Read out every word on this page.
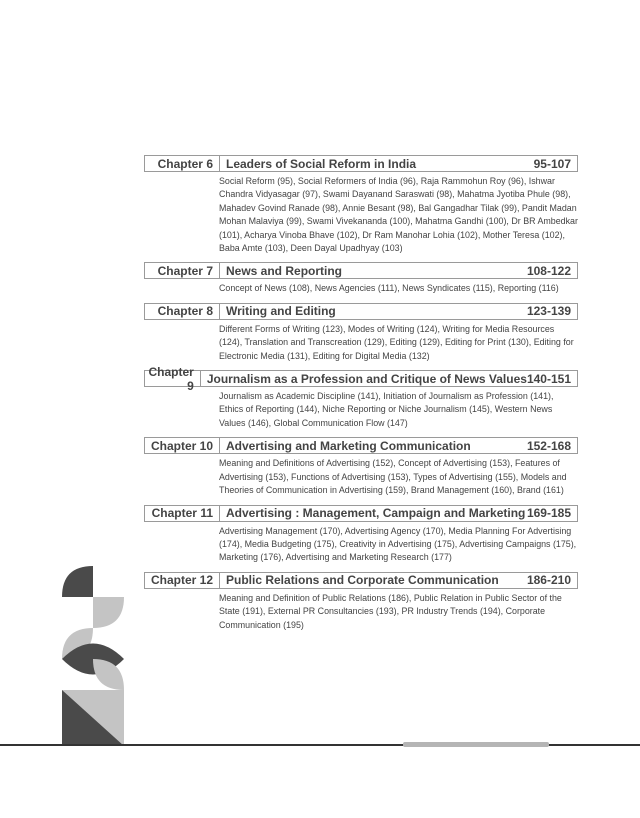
Chapter 6	Leaders of Social Reform in India	95-107
Social Reform (95), Social Reformers of India (96), Raja Rammohun Roy (96), Ishwar Chandra Vidyasagar (97), Swami Dayanand Saraswati (98), Mahatma Jyotiba Phule (98), Mahadev Govind Ranade (98), Annie Besant (98), Bal Gangadhar Tilak (99), Pandit Madan Mohan Malaviya (99), Swami Vivekananda (100), Mahatma Gandhi (100), Dr BR Ambedkar (101), Acharya Vinoba Bhave (102), Dr Ram Manohar Lohia (102), Mother Teresa (102), Baba Amte (103), Deen Dayal Upadhyay (103)
Chapter 7	News and Reporting	108-122
Concept of News (108), News Agencies (111), News Syndicates (115), Reporting (116)
Chapter 8	Writing and Editing	123-139
Different Forms of Writing (123), Modes of Writing (124), Writing for Media Resources (124), Translation and Transcreation (129), Editing (129), Editing for Print (130), Editing for Electronic Media (131), Editing for Digital Media (132)
Chapter 9	Journalism as a Profession and Critique of News Values 140-151
Journalism as Academic Discipline (141), Initiation of Journalism as Profession (141), Ethics of Reporting (144), Niche Reporting or Niche Journalism (145), Western News Values (146), Global Communication Flow (147)
Chapter 10	Advertising and Marketing Communication	152-168
Meaning and Definitions of Advertising (152), Concept of Advertising (153), Features of Advertising (153), Functions of Advertising (153), Types of Advertising (155), Models and Theories of Communication in Advertising (159), Brand Management (160), Brand (161)
Chapter 11	Advertising : Management, Campaign and Marketing 169-185
Advertising Management (170), Advertising Agency (170), Media Planning For Advertising (174), Media Budgeting (175), Creativity in Advertising (175), Advertising Campaigns (175), Marketing (176), Advertising and Marketing Research (177)
Chapter 12	Public Relations and Corporate Communication	186-210
Meaning and Definition of Public Relations (186), Public Relation in Public Sector of the State (191), External PR Consultancies (193), PR Industry Trends (194), Corporate Communication (195)
